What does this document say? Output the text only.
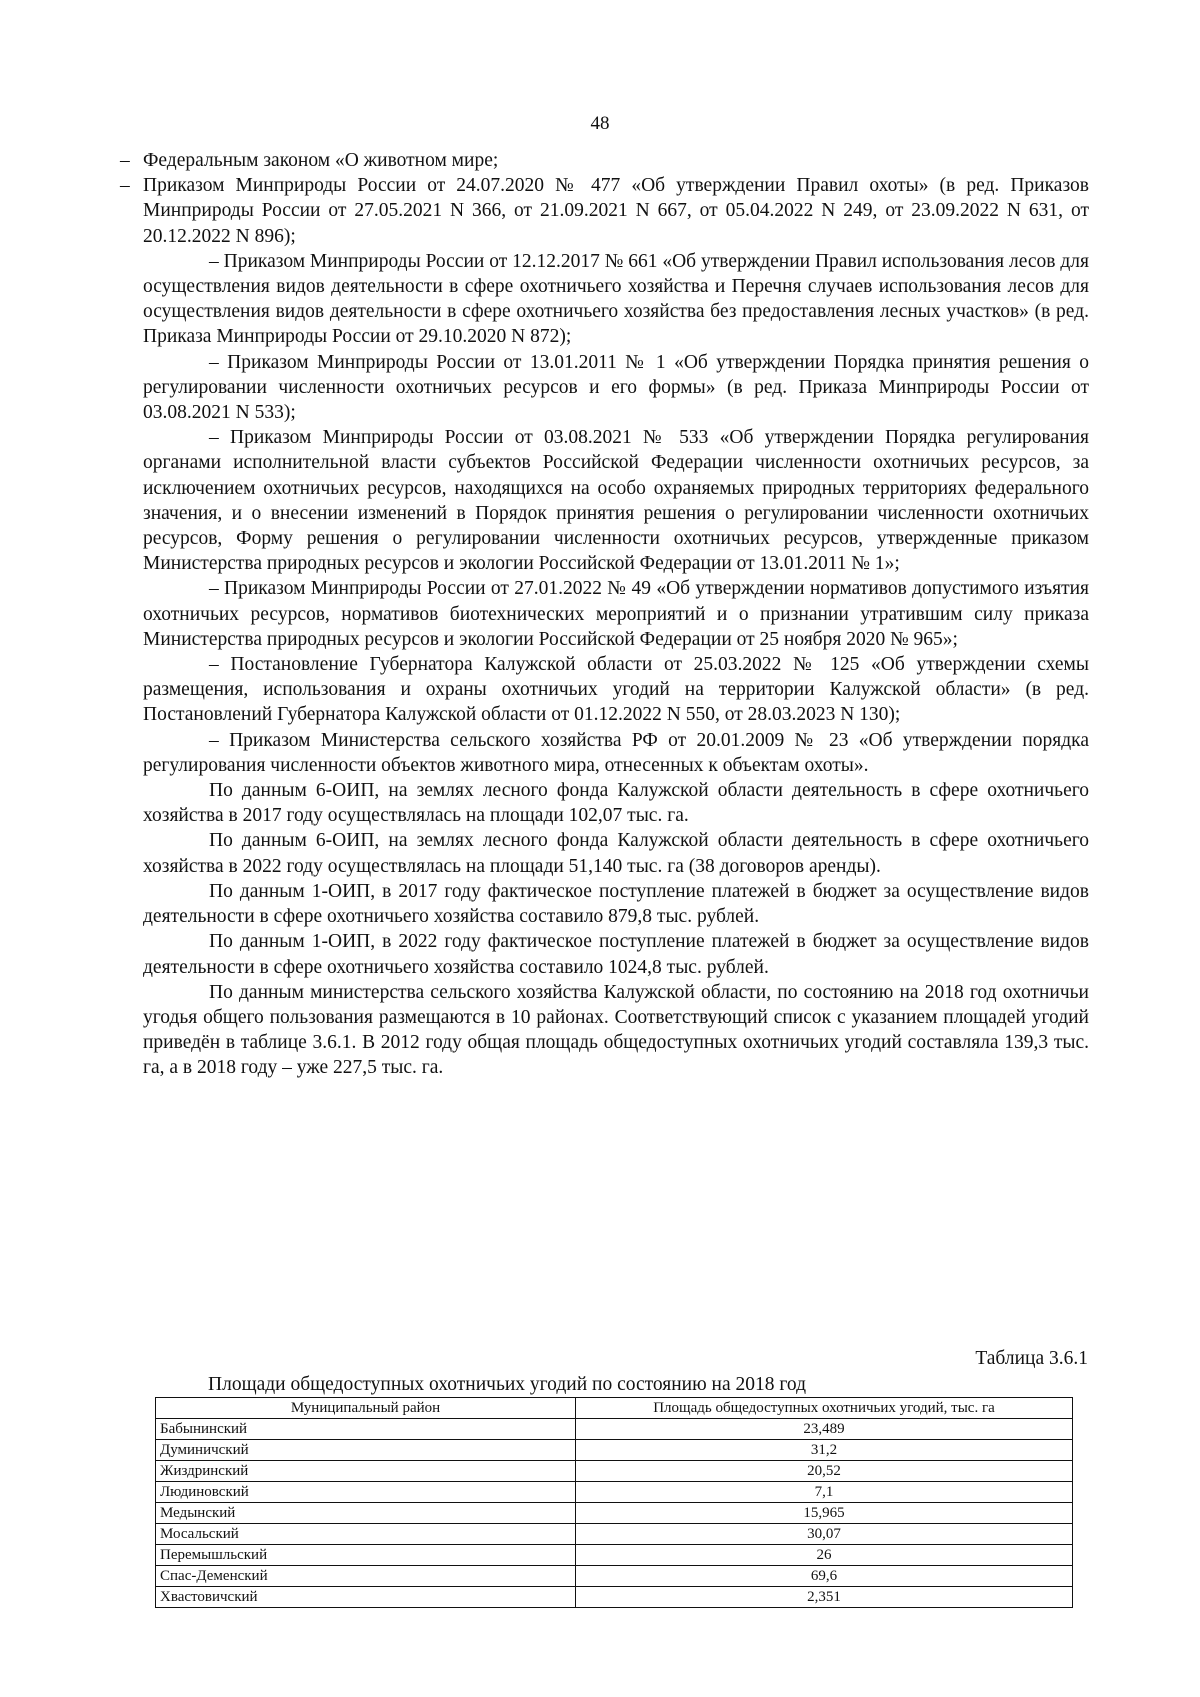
48
– Федеральным законом «О животном мире;

– Приказом Минприроды России от 24.07.2020 № 477 «Об утверждении Правил охоты» (в ред. Приказов Минприроды России от 27.05.2021 N 366, от 21.09.2021 N 667, от 05.04.2022 N 249, от 23.09.2022 N 631, от 20.12.2022 N 896);

– Приказом Минприроды России от 12.12.2017 № 661 «Об утверждении Правил использования лесов для осуществления видов деятельности в сфере охотничьего хозяйства и Перечня случаев использования лесов для осуществления видов деятельности в сфере охотничьего хозяйства без предоставления лесных участков» (в ред. Приказа Минприроды России от 29.10.2020 N 872);

– Приказом Минприроды России от 13.01.2011 № 1 «Об утверждении Порядка принятия решения о регулировании численности охотничьих ресурсов и его формы» (в ред. Приказа Минприроды России от 03.08.2021 N 533);

– Приказом Минприроды России от 03.08.2021 № 533 «Об утверждении Порядка регулирования органами исполнительной власти субъектов Российской Федерации численности охотничьих ресурсов, за исключением охотничьих ресурсов, находящихся на особо охраняемых природных территориях федерального значения, и о внесении изменений в Порядок принятия решения о регулировании численности охотничьих ресурсов, Форму решения о регулировании численности охотничьих ресурсов, утвержденные приказом Министерства природных ресурсов и экологии Российской Федерации от 13.01.2011 № 1»;

– Приказом Минприроды России от 27.01.2022 № 49 «Об утверждении нормативов допустимого изъятия охотничьих ресурсов, нормативов биотехнических мероприятий и о признании утратившим силу приказа Министерства природных ресурсов и экологии Российской Федерации от 25 ноября 2020 № 965»;

– Постановление Губернатора Калужской области от 25.03.2022 № 125 «Об утверждении схемы размещения, использования и охраны охотничьих угодий на территории Калужской области» (в ред. Постановлений Губернатора Калужской области от 01.12.2022 N 550, от 28.03.2023 N 130);

– Приказом Министерства сельского хозяйства РФ от 20.01.2009 № 23 «Об утверждении порядка регулирования численности объектов животного мира, отнесенных к объектам охоты».

По данным 6-ОИП, на землях лесного фонда Калужской области деятельность в сфере охотничьего хозяйства в 2017 году осуществлялась на площади 102,07 тыс. га.

По данным 6-ОИП, на землях лесного фонда Калужской области деятельность в сфере охотничьего хозяйства в 2022 году осуществлялась на площади 51,140 тыс. га (38 договоров аренды).

По данным 1-ОИП, в 2017 году фактическое поступление платежей в бюджет за осуществление видов деятельности в сфере охотничьего хозяйства составило 879,8 тыс. рублей.

По данным 1-ОИП, в 2022 году фактическое поступление платежей в бюджет за осуществление видов деятельности в сфере охотничьего хозяйства составило 1024,8 тыс. рублей.

По данным министерства сельского хозяйства Калужской области, по состоянию на 2018 год охотничьи угодья общего пользования размещаются в 10 районах. Соответствующий список с указанием площадей угодий приведён в таблице 3.6.1. В 2012 году общая площадь общедоступных охотничьих угодий составляла 139,3 тыс. га, а в 2018 году – уже 227,5 тыс. га.

Таблица 3.6.1
Площади общедоступных охотничьих угодий по состоянию на 2018 год
Муниципальный район	Площадь общедоступных охотничьих угодий, тыс. га
Бабынинский	23,489
Думиничский	31,2
Жиздринский	20,52
Людиновский	7,1
Медынский	15,965
Мосальский	30,07
Перемышльский	26
Спас-Деменский	69,6
Хвастовичский	2,351
